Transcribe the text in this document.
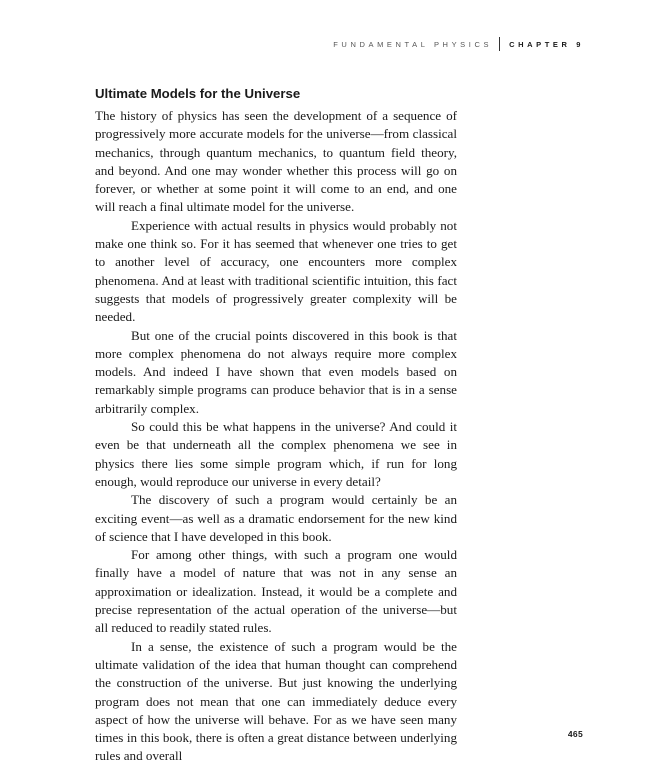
FUNDAMENTAL PHYSICS CHAPTER 9
Ultimate Models for the Universe

The history of physics has seen the development of a sequence of progressively more accurate models for the universe—from classical mechanics, through quantum mechanics, to quantum field theory, and beyond. And one may wonder whether this process will go on forever, or whether at some point it will come to an end, and one will reach a final ultimate model for the universe.

Experience with actual results in physics would probably not make one think so. For it has seemed that whenever one tries to get to another level of accuracy, one encounters more complex phenomena. And at least with traditional scientific intuition, this fact suggests that models of progressively greater complexity will be needed.

But one of the crucial points discovered in this book is that more complex phenomena do not always require more complex models. And indeed I have shown that even models based on remarkably simple programs can produce behavior that is in a sense arbitrarily complex.

So could this be what happens in the universe? And could it even be that underneath all the complex phenomena we see in physics there lies some simple program which, if run for long enough, would reproduce our universe in every detail?

The discovery of such a program would certainly be an exciting event—as well as a dramatic endorsement for the new kind of science that I have developed in this book.

For among other things, with such a program one would finally have a model of nature that was not in any sense an approximation or idealization. Instead, it would be a complete and precise representation of the actual operation of the universe—but all reduced to readily stated rules.

In a sense, the existence of such a program would be the ultimate validation of the idea that human thought can comprehend the construction of the universe. But just knowing the underlying program does not mean that one can immediately deduce every aspect of how the universe will behave. For as we have seen many times in this book, there is often a great distance between underlying rules and overall

465
